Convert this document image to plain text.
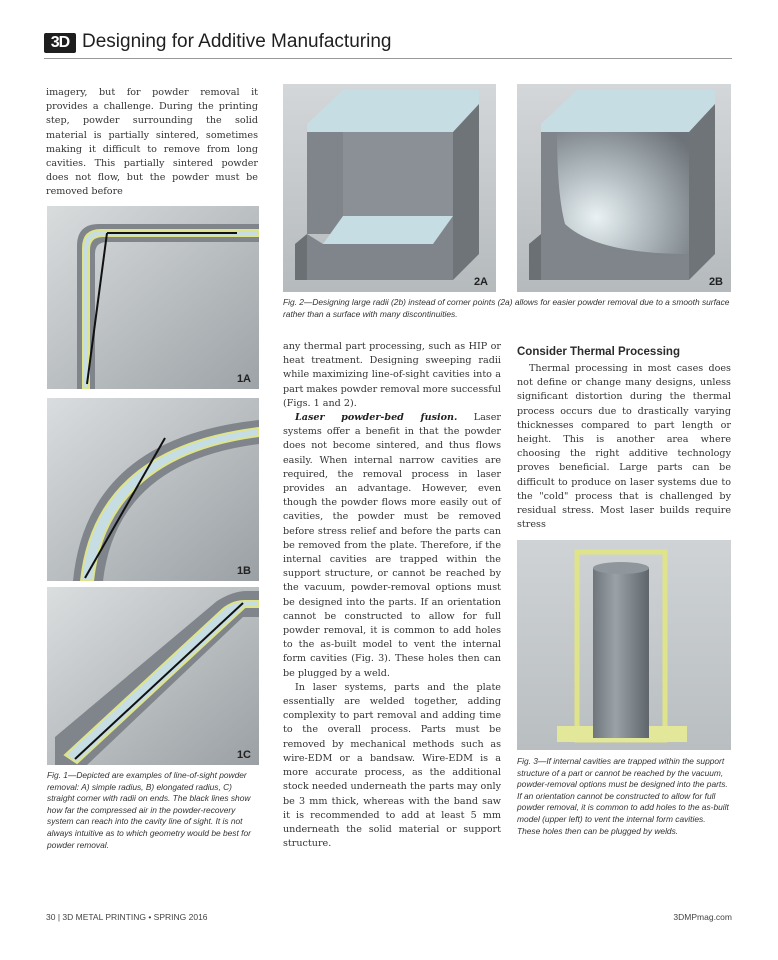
3D Designing for Additive Manufacturing

imagery, but for powder removal it provides a challenge. During the printing step, powder surrounding the solid material is partially sintered, sometimes making it difficult to remove from long cavities. This partially sintered powder does not flow, but the powder must be removed before

1A
1B
1C
Fig. 1—Depicted are examples of line-of-sight powder removal: A) simple radius, B) elongated radius, C) straight corner with radii on ends. The black lines show how far the compressed air in the powder-recovery system can reach into the cavity line of sight. It is not always intuitive as to which geometry would be best for powder removal.
2A	2B
Fig. 2—Designing large radii (2b) instead of corner points (2a) allows for easier powder removal due to a smooth surface rather than a surface with many discontinuities.

any thermal part processing, such as HIP or heat treatment. Designing sweeping radii while maximizing line-of-sight cavities into a part makes powder removal more successful (Figs. 1 and 2).

Laser powder-bed fusion. Laser systems offer a benefit in that the powder does not become sintered, and thus flows easily. When internal narrow cavities are required, the removal process in laser provides an advantage. However, even though the powder flows more easily out of cavities, the powder must be removed before stress relief and before the parts can be removed from the plate. Therefore, if the internal cavities are trapped within the support structure, or cannot be reached by the vacuum, powder-removal options must be designed into the parts. If an orientation cannot be constructed to allow for full powder removal, it is common to add holes to the as-built model to vent the internal form cavities (Fig. 3). These holes then can be plugged by a weld.

In laser systems, parts and the plate essentially are welded together, adding complexity to part removal and adding time to the overall process. Parts must be removed by mechanical methods such as wire-EDM or a bandsaw. Wire-EDM is a more accurate process, as the additional stock needed underneath the parts may only be 3 mm thick, whereas with the band saw it is recommended to add at least 5 mm underneath the solid material or support structure.

Consider Thermal Processing

Thermal processing in most cases does not define or change many designs, unless significant distortion during the thermal process occurs due to drastically varying thicknesses compared to part length or height. This is another area where choosing the right additive technology proves beneficial. Large parts can be difficult to produce on laser systems due to the "cold" process that is challenged by residual stress. Most laser builds require stress

Fig. 3—If internal cavities are trapped within the support structure of a part or cannot be reached by the vacuum, powder-removal options must be designed into the parts. If an orientation cannot be constructed to allow for full powder removal, it is common to add holes to the as-built model (upper left) to vent the internal form cavities. These holes then can be plugged by welds.
30 | 3D METAL PRINTING • SPRING 2016	3DMPmag.com
